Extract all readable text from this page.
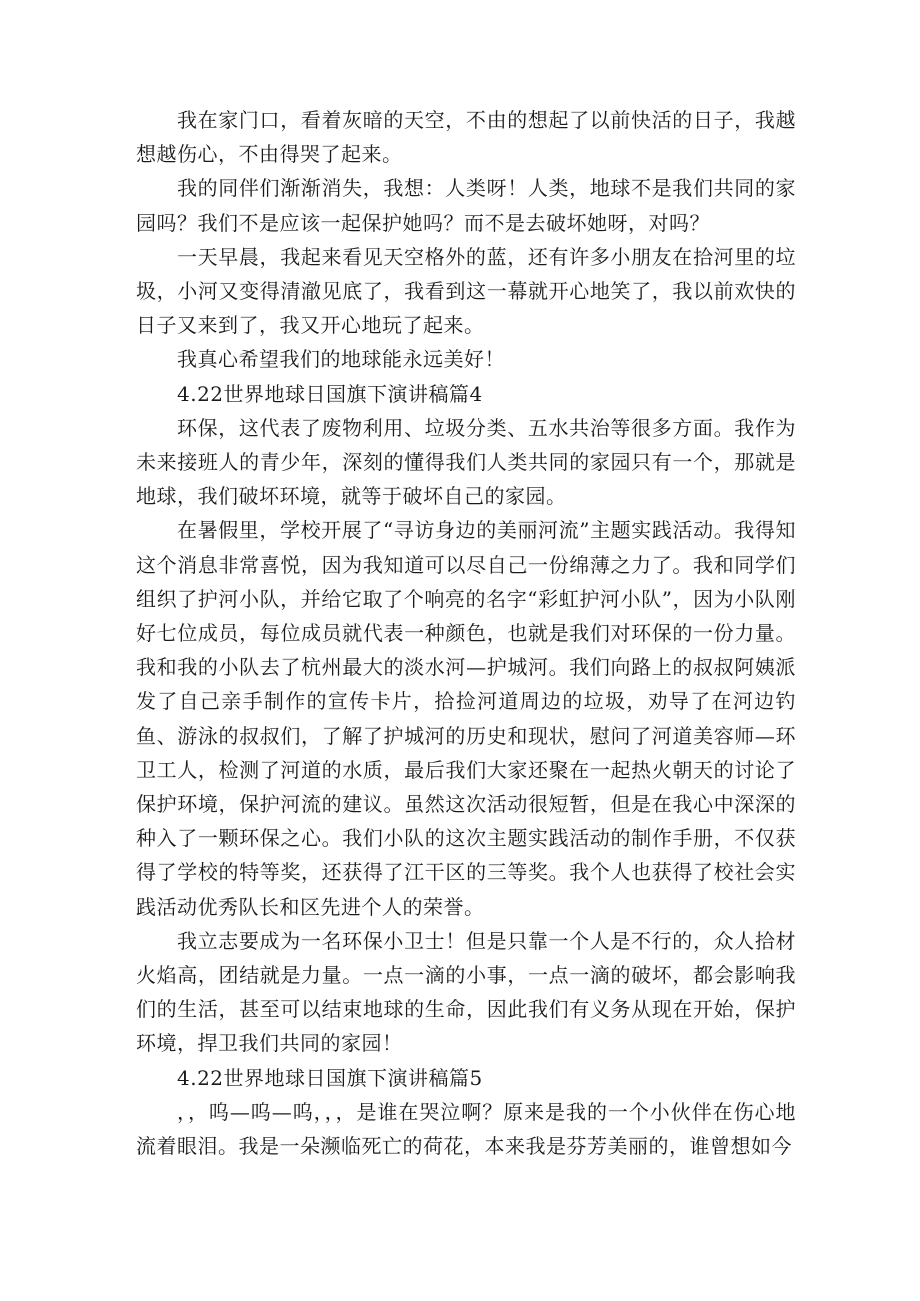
我在家门口，看着灰暗的天空，不由的想起了以前快活的日子，我越想越伤心，不由得哭了起来。

我的同伴们渐渐消失，我想：人类呀！人类，地球不是我们共同的家园吗？我们不是应该一起保护她吗？而不是去破坏她呀，对吗？

一天早晨，我起来看见天空格外的蓝，还有许多小朋友在拾河里的垃圾，小河又变得清澈见底了，我看到这一幕就开心地笑了，我以前欢快的日子又来到了，我又开心地玩了起来。

我真心希望我们的地球能永远美好！

4.22世界地球日国旗下演讲稿篇4

环保，这代表了废物利用、垃圾分类、五水共治等很多方面。我作为未来接班人的青少年，深刻的懂得我们人类共同的家园只有一个，那就是地球，我们破坏环境，就等于破坏自己的家园。

在暑假里，学校开展了“寻访身边的美丽河流”主题实践活动。我得知这个消息非常喜悦，因为我知道可以尽自己一份绵薄之力了。我和同学们组织了护河小队，并给它取了个响亮的名字“彩虹护河小队”，因为小队刚好七位成员，每位成员就代表一种颜色，也就是我们对环保的一份力量。我和我的小队去了杭州最大的淡水河—护城河。我们向路上的叔叔阿姨派发了自己亲手制作的宣传卡片，拾捡河道周边的垃圾，劝导了在河边钓鱼、游泳的叔叔们，了解了护城河的历史和现状，慰问了河道美容师—环卫工人，检测了河道的水质，最后我们大家还聚在一起热火朝天的讨论了保护环境，保护河流的建议。虽然这次活动很短暂，但是在我心中深深的种入了一颗环保之心。我们小队的这次主题实践活动的制作手册，不仅获得了学校的特等奖，还获得了江干区的三等奖。我个人也获得了校社会实践活动优秀队长和区先进个人的荣誉。

我立志要成为一名环保小卫士！但是只靠一个人是不行的，众人拾材火焰高，团结就是力量。一点一滴的小事，一点一滴的破坏，都会影响我们的生活，甚至可以结束地球的生命，因此我们有义务从现在开始，保护环境，捍卫我们共同的家园！

4.22世界地球日国旗下演讲稿篇5

，，呜—呜—呜，，，是谁在哭泣啊？原来是我的一个小伙伴在伤心地流着眼泪。我是一朵濒临死亡的荷花，本来我是芬芳美丽的，谁曾想如今
